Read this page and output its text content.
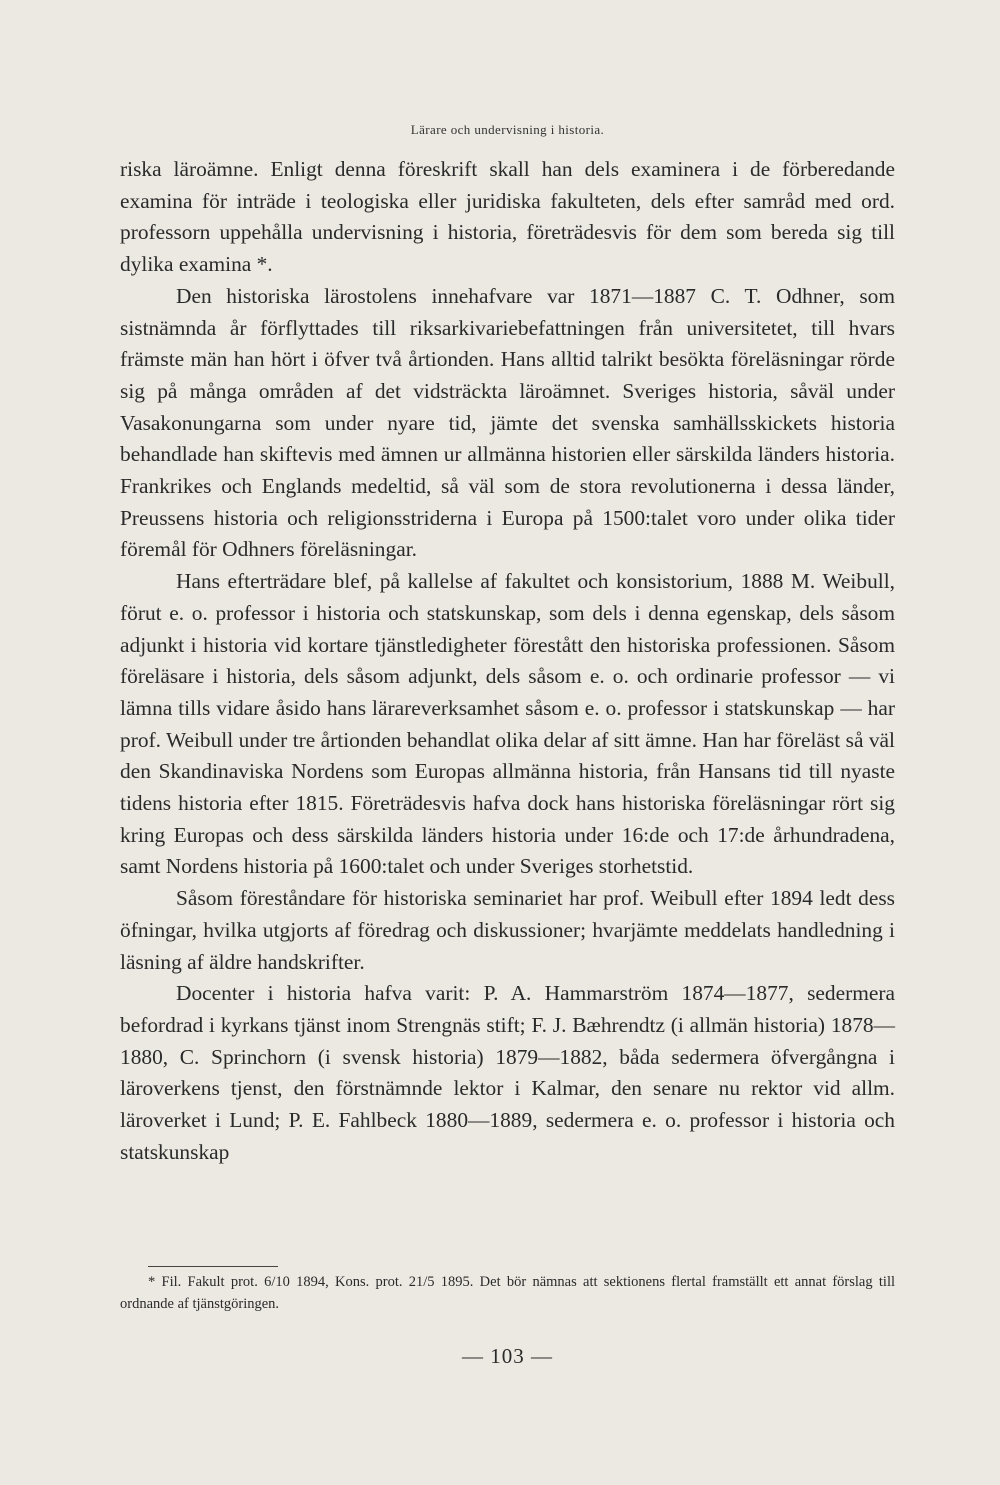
Lärare och undervisning i historia.

riska läroämne. Enligt denna föreskrift skall han dels examinera i de förberedande examina för inträde i teologiska eller juridiska fakulteten, dels efter samråd med ord. professorn uppehålla undervisning i historia, företrädesvis för dem som bereda sig till dylika examina *.

Den historiska lärostolens innehafvare var 1871—1887 C. T. Odhner, som sistnämnda år förflyttades till riksarkivariebefattningen från universitetet, till hvars främste män han hört i öfver två årtionden. Hans alltid talrikt besökta föreläsningar rörde sig på många områden af det vidsträckta läroämnet. Sveriges historia, såväl under Vasakonungarna som under nyare tid, jämte det svenska samhällsskickets historia behandlade han skiftevis med ämnen ur allmänna historien eller särskilda länders historia. Frankrikes och Englands medeltid, så väl som de stora revolutionerna i dessa länder, Preussens historia och religionsstriderna i Europa på 1500:talet voro under olika tider föremål för Odhners föreläsningar.

Hans efterträdare blef, på kallelse af fakultet och konsistorium, 1888 M. Weibull, förut e. o. professor i historia och statskunskap, som dels i denna egenskap, dels såsom adjunkt i historia vid kortare tjänstledigheter förestått den historiska professionen. Såsom föreläsare i historia, dels såsom adjunkt, dels såsom e. o. och ordinarie professor — vi lämna tills vidare åsido hans lärareverksamhet såsom e. o. professor i statskunskap — har prof. Weibull under tre årtionden behandlat olika delar af sitt ämne. Han har föreläst så väl den Skandinaviska Nordens som Europas allmänna historia, från Hansans tid till nyaste tidens historia efter 1815. Företrädesvis hafva dock hans historiska föreläsningar rört sig kring Europas och dess särskilda länders historia under 16:de och 17:de århundradena, samt Nordens historia på 1600:talet och under Sveriges storhetstid.

Såsom föreståndare för historiska seminariet har prof. Weibull efter 1894 ledt dess öfningar, hvilka utgjorts af föredrag och diskussioner; hvarjämte meddelats handledning i läsning af äldre handskrifter.

Docenter i historia hafva varit: P. A. Hammarström 1874—1877, sedermera befordrad i kyrkans tjänst inom Strengnäs stift; F. J. Bæhrendtz (i allmän historia) 1878—1880, C. Sprinchorn (i svensk historia) 1879—1882, båda sedermera öfvergångna i läroverkens tjenst, den förstnämnde lektor i Kalmar, den senare nu rektor vid allm. läroverket i Lund; P. E. Fahlbeck 1880—1889, sedermera e. o. professor i historia och statskunskap

* Fil. Fakult prot. 6/10 1894, Kons. prot. 21/5 1895. Det bör nämnas att sektionens flertal framställt ett annat förslag till ordnande af tjänstgöringen.

— 103 —
